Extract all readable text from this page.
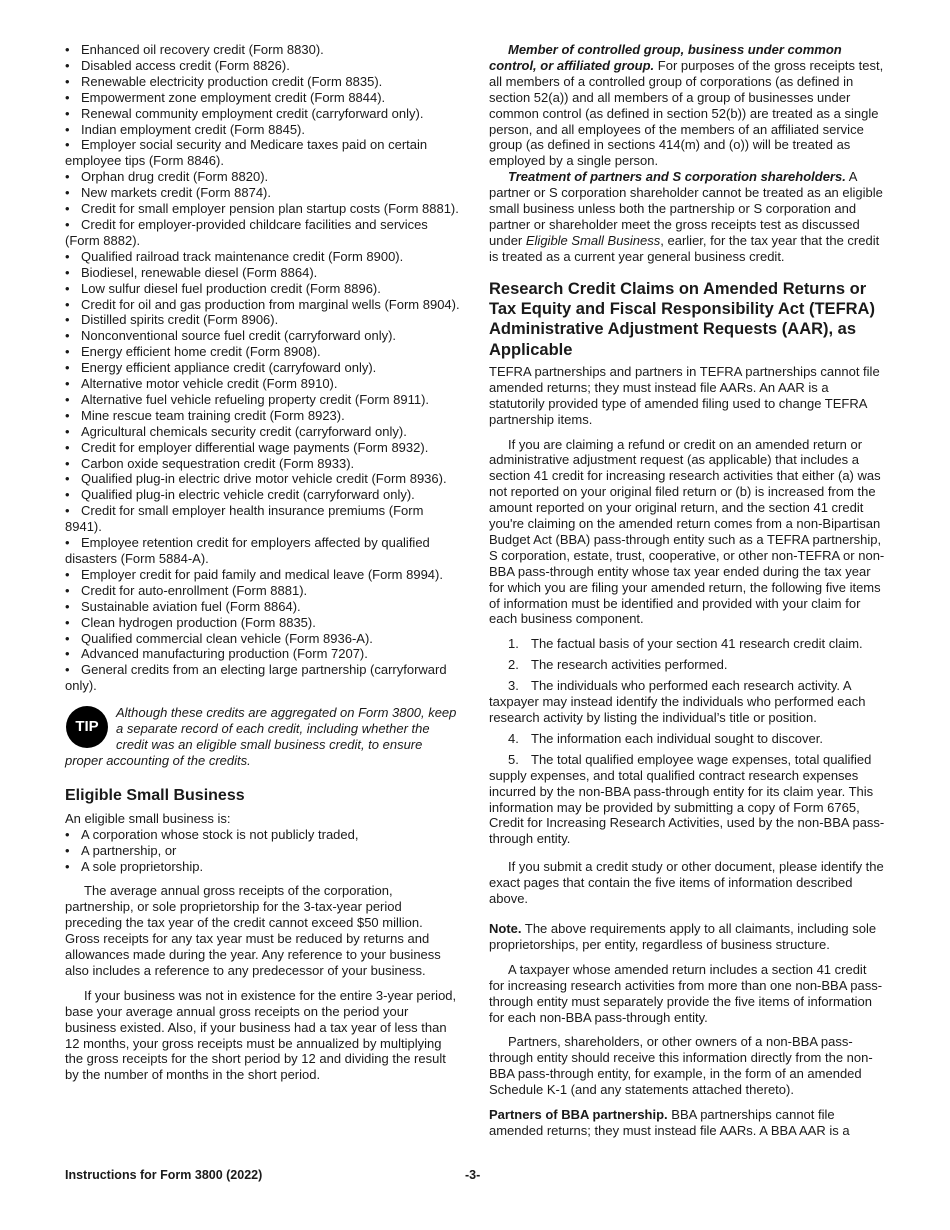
• Enhanced oil recovery credit (Form 8830).
• Disabled access credit (Form 8826).
• Renewable electricity production credit (Form 8835).
• Empowerment zone employment credit (Form 8844).
• Renewal community employment credit (carryforward only).
• Indian employment credit (Form 8845).
• Employer social security and Medicare taxes paid on certain employee tips (Form 8846).
• Orphan drug credit (Form 8820).
• New markets credit (Form 8874).
• Credit for small employer pension plan startup costs (Form 8881).
• Credit for employer-provided childcare facilities and services (Form 8882).
• Qualified railroad track maintenance credit (Form 8900).
• Biodiesel, renewable diesel (Form 8864).
• Low sulfur diesel fuel production credit (Form 8896).
• Credit for oil and gas production from marginal wells (Form 8904).
• Distilled spirits credit (Form 8906).
• Nonconventional source fuel credit (carryforward only).
• Energy efficient home credit (Form 8908).
• Energy efficient appliance credit (carryfoward only).
• Alternative motor vehicle credit (Form 8910).
• Alternative fuel vehicle refueling property credit (Form 8911).
• Mine rescue team training credit (Form 8923).
• Agricultural chemicals security credit (carryforward only).
• Credit for employer differential wage payments (Form 8932).
• Carbon oxide sequestration credit (Form 8933).
• Qualified plug-in electric drive motor vehicle credit (Form 8936).
• Qualified plug-in electric vehicle credit (carryforward only).
• Credit for small employer health insurance premiums (Form 8941).
• Employee retention credit for employers affected by qualified disasters (Form 5884-A).
• Employer credit for paid family and medical leave (Form 8994).
• Credit for auto-enrollment (Form 8881).
• Sustainable aviation fuel (Form 8864).
• Clean hydrogen production (Form 8835).
• Qualified commercial clean vehicle (Form 8936-A).
• Advanced manufacturing production (Form 7207).
• General credits from an electing large partnership (carryforward only).
TIP
Although these credits are aggregated on Form 3800, keep a separate record of each credit, including whether the credit was an eligible small business credit, to ensure proper accounting of the credits.
Eligible Small Business
An eligible small business is:
• A corporation whose stock is not publicly traded,
• A partnership, or
• A sole proprietorship.
The average annual gross receipts of the corporation, partnership, or sole proprietorship for the 3-tax-year period preceding the tax year of the credit cannot exceed $50 million. Gross receipts for any tax year must be reduced by returns and allowances made during the year. Any reference to your business also includes a reference to any predecessor of your business.
If your business was not in existence for the entire 3-year period, base your average annual gross receipts on the period your business existed. Also, if your business had a tax year of less than 12 months, your gross receipts must be annualized by multiplying the gross receipts for the short period by 12 and dividing the result by the number of months in the short period.
Member of controlled group, business under common control, or affiliated group. For purposes of the gross receipts test, all members of a controlled group of corporations (as defined in section 52(a)) and all members of a group of businesses under common control (as defined in section 52(b)) are treated as a single person, and all employees of the members of an affiliated service group (as defined in sections 414(m) and (o)) will be treated as employed by a single person.
Treatment of partners and S corporation shareholders. A partner or S corporation shareholder cannot be treated as an eligible small business unless both the partnership or S corporation and partner or shareholder meet the gross receipts test as discussed under Eligible Small Business, earlier, for the tax year that the credit is treated as a current year general business credit.
Research Credit Claims on Amended Returns or Tax Equity and Fiscal Responsibility Act (TEFRA) Administrative Adjustment Requests (AAR), as Applicable
TEFRA partnerships and partners in TEFRA partnerships cannot file amended returns; they must instead file AARs. An AAR is a statutorily provided type of amended filing used to change TEFRA partnership items.
If you are claiming a refund or credit on an amended return or administrative adjustment request (as applicable) that includes a section 41 credit for increasing research activities that either (a) was not reported on your original filed return or (b) is increased from the amount reported on your original return, and the section 41 credit you're claiming on the amended return comes from a non-Bipartisan Budget Act (BBA) pass-through entity such as a TEFRA partnership, S corporation, estate, trust, cooperative, or other non-TEFRA or non-BBA pass-through entity whose tax year ended during the tax year for which you are filing your amended return, the following five items of information must be identified and provided with your claim for each business component.
1. The factual basis of your section 41 research credit claim.
2. The research activities performed.
3. The individuals who performed each research activity. A taxpayer may instead identify the individuals who performed each research activity by listing the individual’s title or position.
4. The information each individual sought to discover.
5. The total qualified employee wage expenses, total qualified supply expenses, and total qualified contract research expenses incurred by the non-BBA pass-through entity for its claim year. This information may be provided by submitting a copy of Form 6765, Credit for Increasing Research Activities, used by the non-BBA pass-through entity.
If you submit a credit study or other document, please identify the exact pages that contain the five items of information described above.
Note. The above requirements apply to all claimants, including sole proprietorships, per entity, regardless of business structure.
A taxpayer whose amended return includes a section 41 credit for increasing research activities from more than one non-BBA pass-through entity must separately provide the five items of information for each non-BBA pass-through entity.
Partners, shareholders, or other owners of a non-BBA pass-through entity should receive this information directly from the non-BBA pass-through entity, for example, in the form of an amended Schedule K-1 (and any statements attached thereto).
Partners of BBA partnership. BBA partnerships cannot file amended returns; they must instead file AARs. A BBA AAR is a
Instructions for Form 3800 (2022)	-3-
